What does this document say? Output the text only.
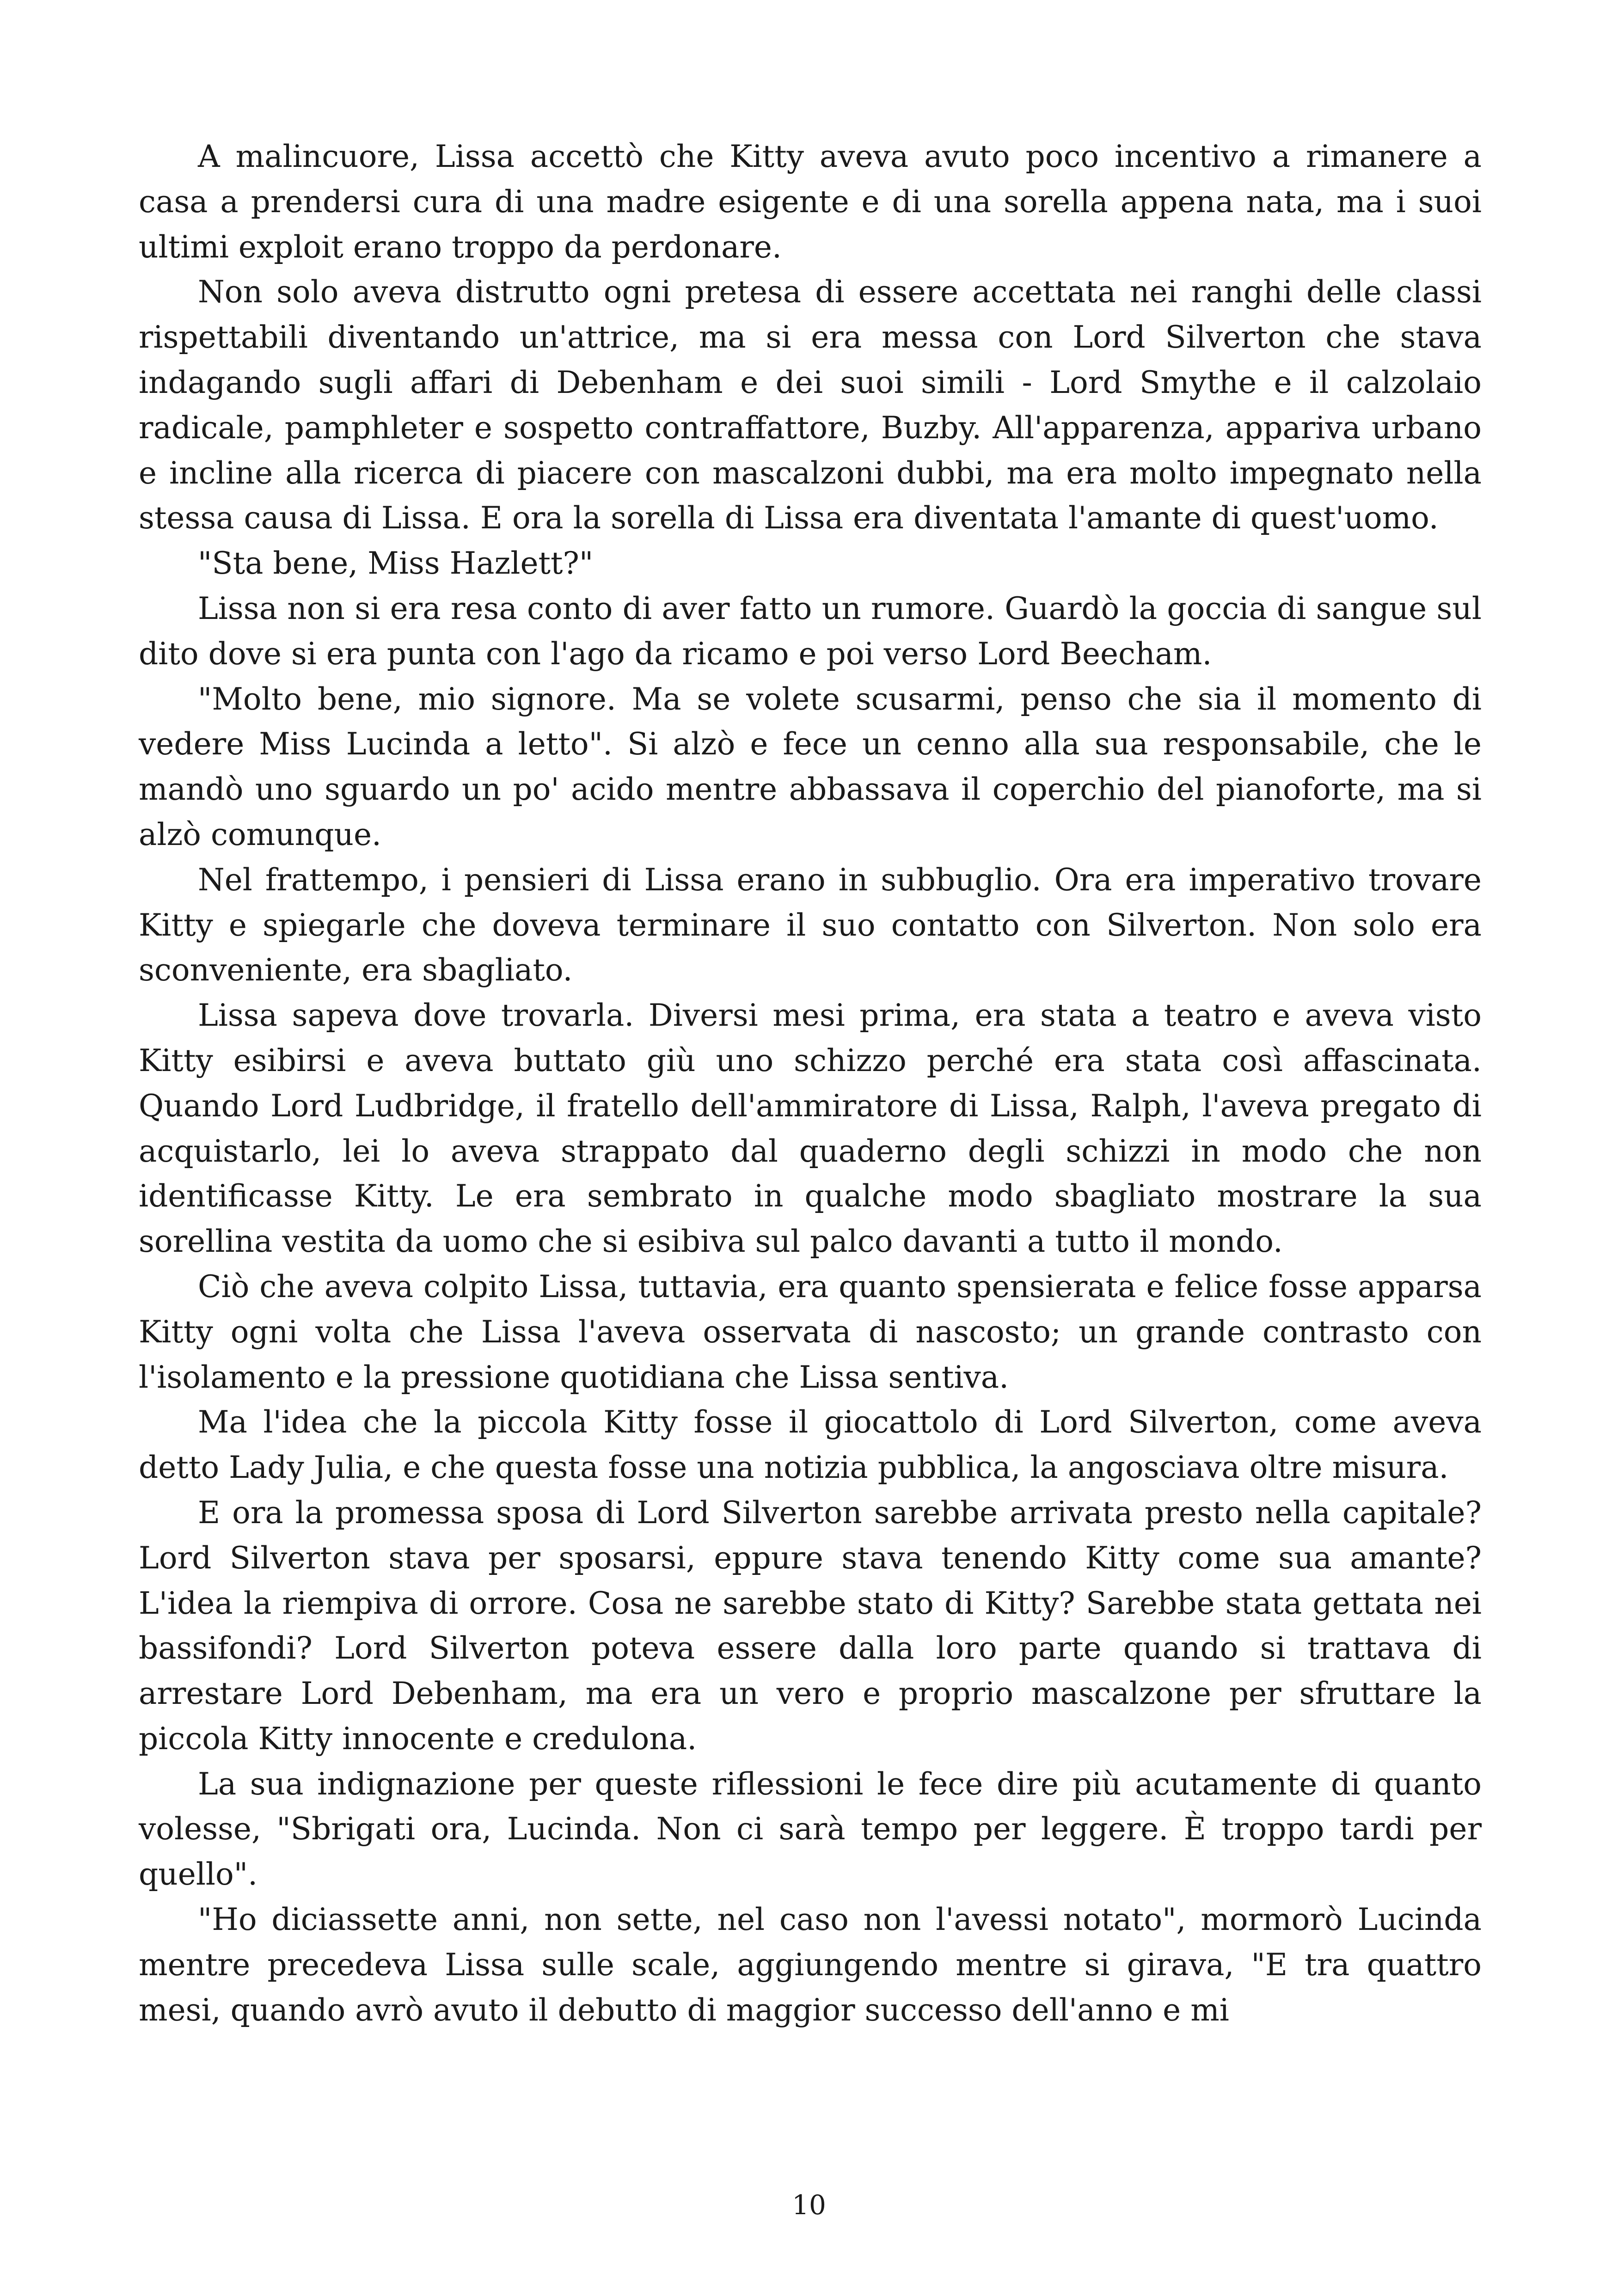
A malincuore, Lissa accettò che Kitty aveva avuto poco incentivo a rimanere a casa a prendersi cura di una madre esigente e di una sorella appena nata, ma i suoi ultimi exploit erano troppo da perdonare.

Non solo aveva distrutto ogni pretesa di essere accettata nei ranghi delle classi rispettabili diventando un'attrice, ma si era messa con Lord Silverton che stava indagando sugli affari di Debenham e dei suoi simili - Lord Smythe e il calzolaio radicale, pamphleter e sospetto contraffattore, Buzby. All'apparenza, appariva urbano e incline alla ricerca di piacere con mascalzoni dubbi, ma era molto impegnato nella stessa causa di Lissa. E ora la sorella di Lissa era diventata l'amante di quest'uomo.

"Sta bene, Miss Hazlett?"

Lissa non si era resa conto di aver fatto un rumore. Guardò la goccia di sangue sul dito dove si era punta con l'ago da ricamo e poi verso Lord Beecham.

"Molto bene, mio signore. Ma se volete scusarmi, penso che sia il momento di vedere Miss Lucinda a letto". Si alzò e fece un cenno alla sua responsabile, che le mandò uno sguardo un po' acido mentre abbassava il coperchio del pianoforte, ma si alzò comunque.

Nel frattempo, i pensieri di Lissa erano in subbuglio. Ora era imperativo trovare Kitty e spiegarle che doveva terminare il suo contatto con Silverton. Non solo era sconveniente, era sbagliato.

Lissa sapeva dove trovarla. Diversi mesi prima, era stata a teatro e aveva visto Kitty esibirsi e aveva buttato giù uno schizzo perché era stata così affascinata. Quando Lord Ludbridge, il fratello dell'ammiratore di Lissa, Ralph, l'aveva pregato di acquistarlo, lei lo aveva strappato dal quaderno degli schizzi in modo che non identificasse Kitty. Le era sembrato in qualche modo sbagliato mostrare la sua sorellina vestita da uomo che si esibiva sul palco davanti a tutto il mondo.

Ciò che aveva colpito Lissa, tuttavia, era quanto spensierata e felice fosse apparsa Kitty ogni volta che Lissa l'aveva osservata di nascosto; un grande contrasto con l'isolamento e la pressione quotidiana che Lissa sentiva.

Ma l'idea che la piccola Kitty fosse il giocattolo di Lord Silverton, come aveva detto Lady Julia, e che questa fosse una notizia pubblica, la angosciava oltre misura.

E ora la promessa sposa di Lord Silverton sarebbe arrivata presto nella capitale? Lord Silverton stava per sposarsi, eppure stava tenendo Kitty come sua amante? L'idea la riempiva di orrore. Cosa ne sarebbe stato di Kitty? Sarebbe stata gettata nei bassifondi? Lord Silverton poteva essere dalla loro parte quando si trattava di arrestare Lord Debenham, ma era un vero e proprio mascalzone per sfruttare la piccola Kitty innocente e credulona.

La sua indignazione per queste riflessioni le fece dire più acutamente di quanto volesse, "Sbrigati ora, Lucinda. Non ci sarà tempo per leggere. È troppo tardi per quello".

"Ho diciassette anni, non sette, nel caso non l'avessi notato", mormorò Lucinda mentre precedeva Lissa sulle scale, aggiungendo mentre si girava, "E tra quattro mesi, quando avrò avuto il debutto di maggior successo dell'anno e mi

10
